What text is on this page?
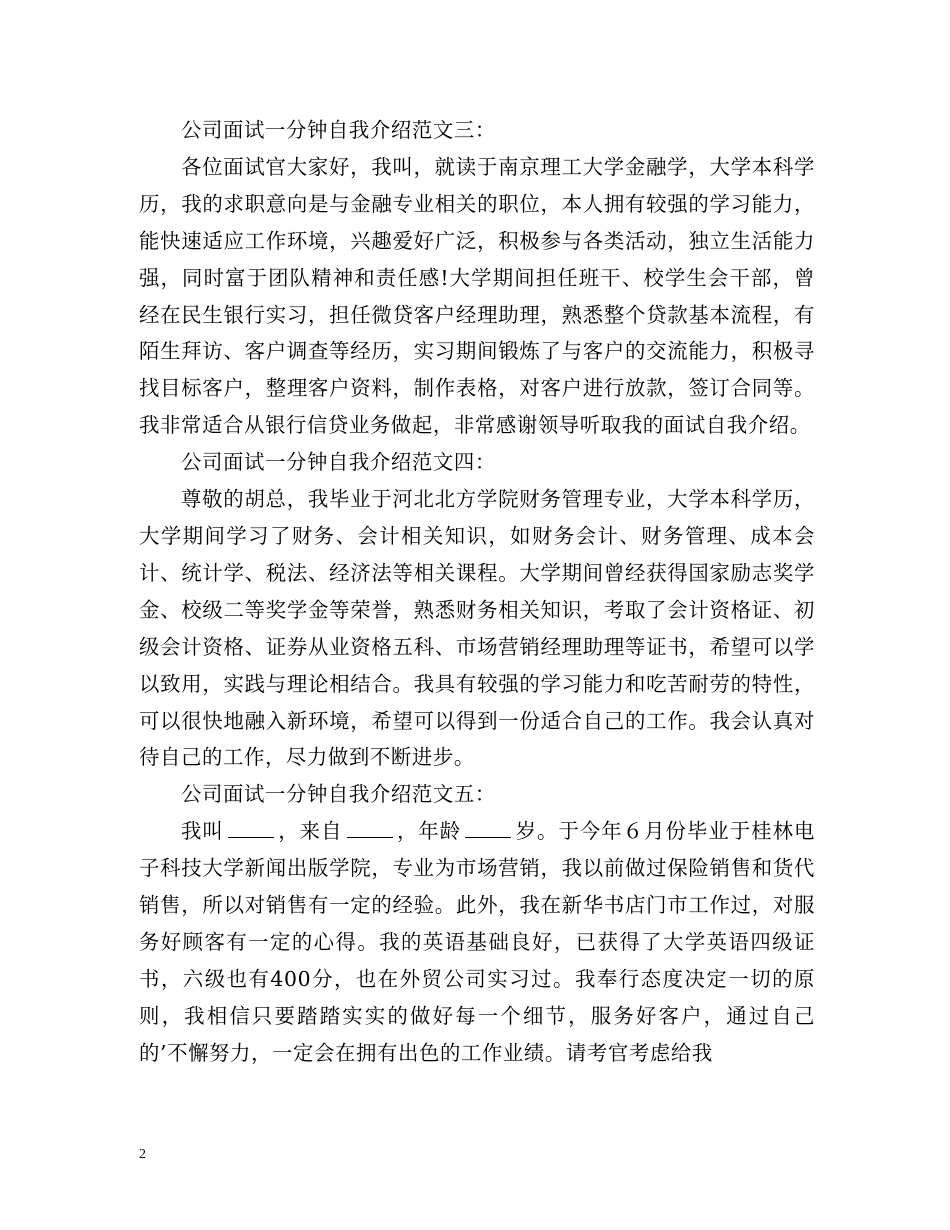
公司面试一分钟自我介绍范文三：

各位面试官大家好，我叫，就读于南京理工大学金融学，大学本科学历，我的求职意向是与金融专业相关的职位，本人拥有较强的学习能力，能快速适应工作环境，兴趣爱好广泛，积极参与各类活动，独立生活能力强，同时富于团队精神和责任感!大学期间担任班干、校学生会干部，曾经在民生银行实习，担任微贷客户经理助理，熟悉整个贷款基本流程，有陌生拜访、客户调查等经历，实习期间锻炼了与客户的交流能力，积极寻找目标客户，整理客户资料，制作表格，对客户进行放款，签订合同等。我非常适合从银行信贷业务做起，非常感谢领导听取我的面试自我介绍。

公司面试一分钟自我介绍范文四：

尊敬的胡总，我毕业于河北北方学院财务管理专业，大学本科学历，大学期间学习了财务、会计相关知识，如财务会计、财务管理、成本会计、统计学、税法、经济法等相关课程。大学期间曾经获得国家励志奖学金、校级二等奖学金等荣誉，熟悉财务相关知识，考取了会计资格证、初级会计资格、证券从业资格五科、市场营销经理助理等证书，希望可以学以致用，实践与理论相结合。我具有较强的学习能力和吃苦耐劳的特性，可以很快地融入新环境，希望可以得到一份适合自己的工作。我会认真对待自己的工作，尽力做到不断进步。

公司面试一分钟自我介绍范文五：

我叫	，来自	，年龄	岁。于今年６月份毕业于桂林电子科技大学新闻出版学院，专业为市场营销，我以前做过保险销售和货代销售，所以对销售有一定的经验。此外，我在新华书店门市工作过，对服务好顾客有一定的心得。我的英语基础良好，已获得了大学英语四级证书，六级也有400分，也在外贸公司实习过。我奉行态度决定一切的原则，我相信只要踏踏实实的做好每一个细节，服务好客户，通过自己的’不懈努力，一定会在拥有出色的工作业绩。请考官考虑给我

2
